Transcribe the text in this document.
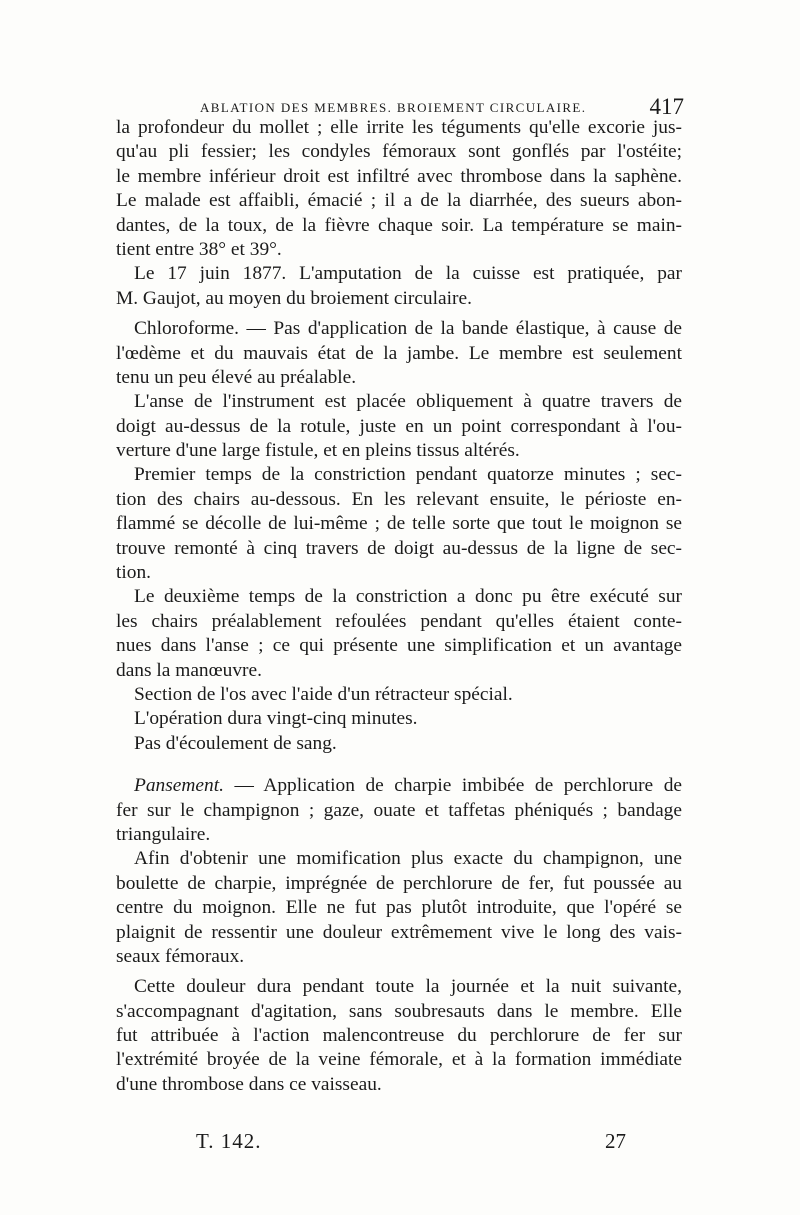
ABLATION DES MEMBRES. BROIEMENT CIRCULAIRE.	417
la profondeur du mollet ; elle irrite les téguments qu'elle excorie jus-
qu'au pli fessier; les condyles fémoraux sont gonflés par l'ostéite;
le membre inférieur droit est infiltré avec thrombose dans la saphène.
Le malade est affaibli, émacié ; il a de la diarrhée, des sueurs abon-
dantes, de la toux, de la fièvre chaque soir. La température se main-
tient entre 38° et 39°.
Le 17 juin 1877. L'amputation de la cuisse est pratiquée, par
M. Gaujot, au moyen du broiement circulaire.
Chloroforme. — Pas d'application de la bande élastique, à cause de
l'œdème et du mauvais état de la jambe. Le membre est seulement
tenu un peu élevé au préalable.
L'anse de l'instrument est placée obliquement à quatre travers de
doigt au-dessus de la rotule, juste en un point correspondant à l'ou-
verture d'une large fistule, et en pleins tissus altérés.
Premier temps de la constriction pendant quatorze minutes ; sec-
tion des chairs au-dessous. En les relevant ensuite, le périoste en-
flammé se décolle de lui-même ; de telle sorte que tout le moignon se
trouve remonté à cinq travers de doigt au-dessus de la ligne de sec-
tion.
Le deuxième temps de la constriction a donc pu être exécuté sur
les chairs préalablement refoulées pendant qu'elles étaient conte-
nues dans l'anse ; ce qui présente une simplification et un avantage
dans la manœuvre.
Section de l'os avec l'aide d'un rétracteur spécial.
L'opération dura vingt-cinq minutes.
Pas d'écoulement de sang.
Pansement. — Application de charpie imbibée de perchlorure de
fer sur le champignon ; gaze, ouate et taffetas phéniqués ; bandage
triangulaire.
Afin d'obtenir une momification plus exacte du champignon, une
boulette de charpie, imprégnée de perchlorure de fer, fut poussée au
centre du moignon. Elle ne fut pas plutôt introduite, que l'opéré se
plaignit de ressentir une douleur extrêmement vive le long des vais-
seaux fémoraux.
Cette douleur dura pendant toute la journée et la nuit suivante,
s'accompagnant d'agitation, sans soubresauts dans le membre. Elle
fut attribuée à l'action malencontreuse du perchlorure de fer sur
l'extrémité broyée de la veine fémorale, et à la formation immédiate
d'une thrombose dans ce vaisseau.
T. 142.	27
